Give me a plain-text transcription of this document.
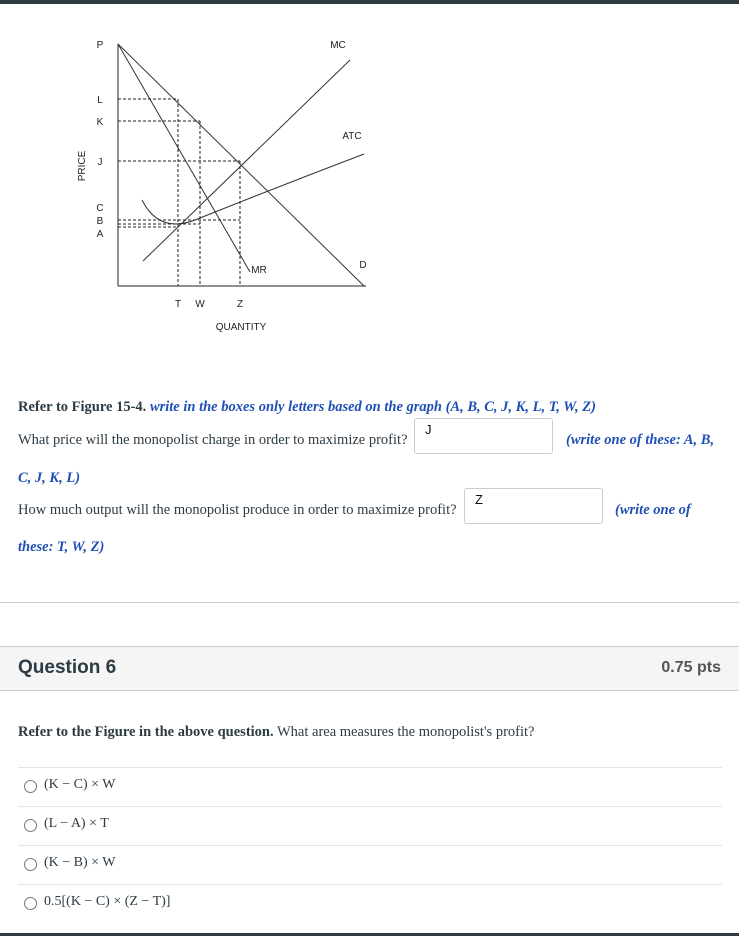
PRICE
QUANTITY
P
L
K
J
C
B
A
T W	Z
MC
ATC
MR	D
Refer to Figure 15-4. write in the boxes only letters based on the graph (A, B, C, J, K, L, T, W, Z)
What price will the monopolist charge in order to maximize profit?
J
(write one of these: A, B,
C, J, K, L)
How much output will the monopolist produce in order to maximize profit?
Z
(write one of
these: T, W, Z)
Question 6	0.75 pts
Refer to the Figure in the above question. What area measures the monopolist's profit?
(K − C) × W
(L − A) × T
(K − B) × W
0.5[(K − C) × (Z − T)]
